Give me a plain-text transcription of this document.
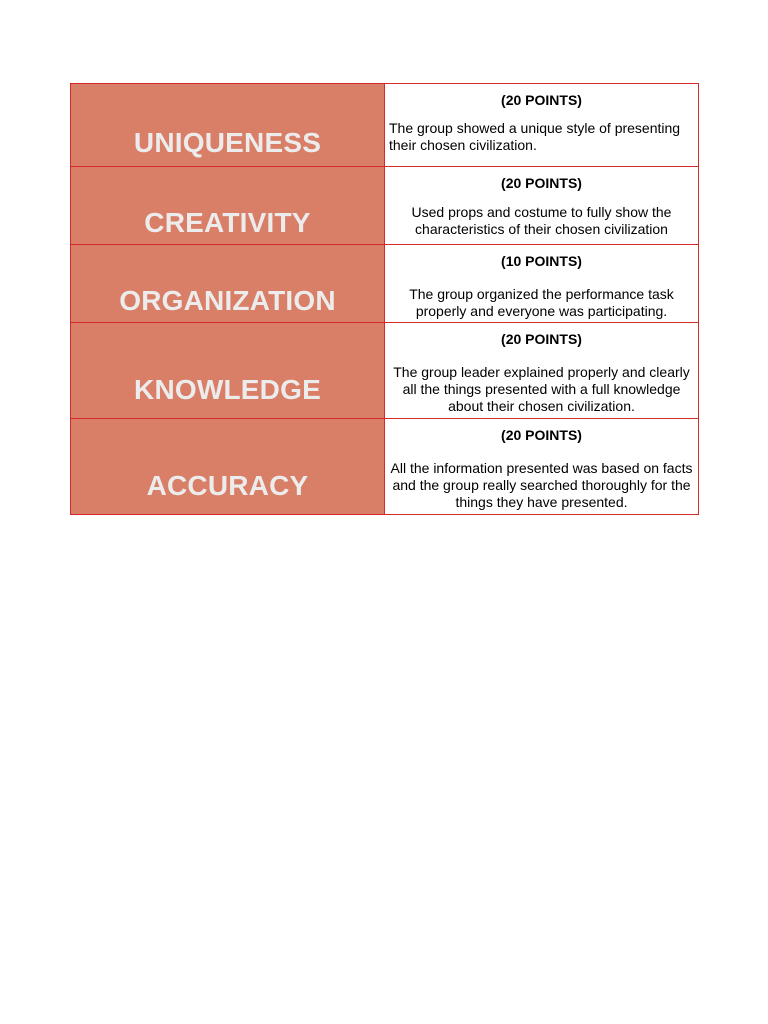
UNIQUENESS	(20 POINTS)
The group showed a unique style of presenting their chosen civilization.

CREATIVITY	(20 POINTS)
Used props and costume to fully show the characteristics of their chosen civilization

ORGANIZATION	(10 POINTS)
The group organized the performance task properly and everyone was participating.

KNOWLEDGE	(20 POINTS)
The group leader explained properly and clearly all the things presented with a full knowledge about their chosen civilization.

ACCURACY	(20 POINTS)
All the information presented was based on facts and the group really searched thoroughly for the things they have presented.
